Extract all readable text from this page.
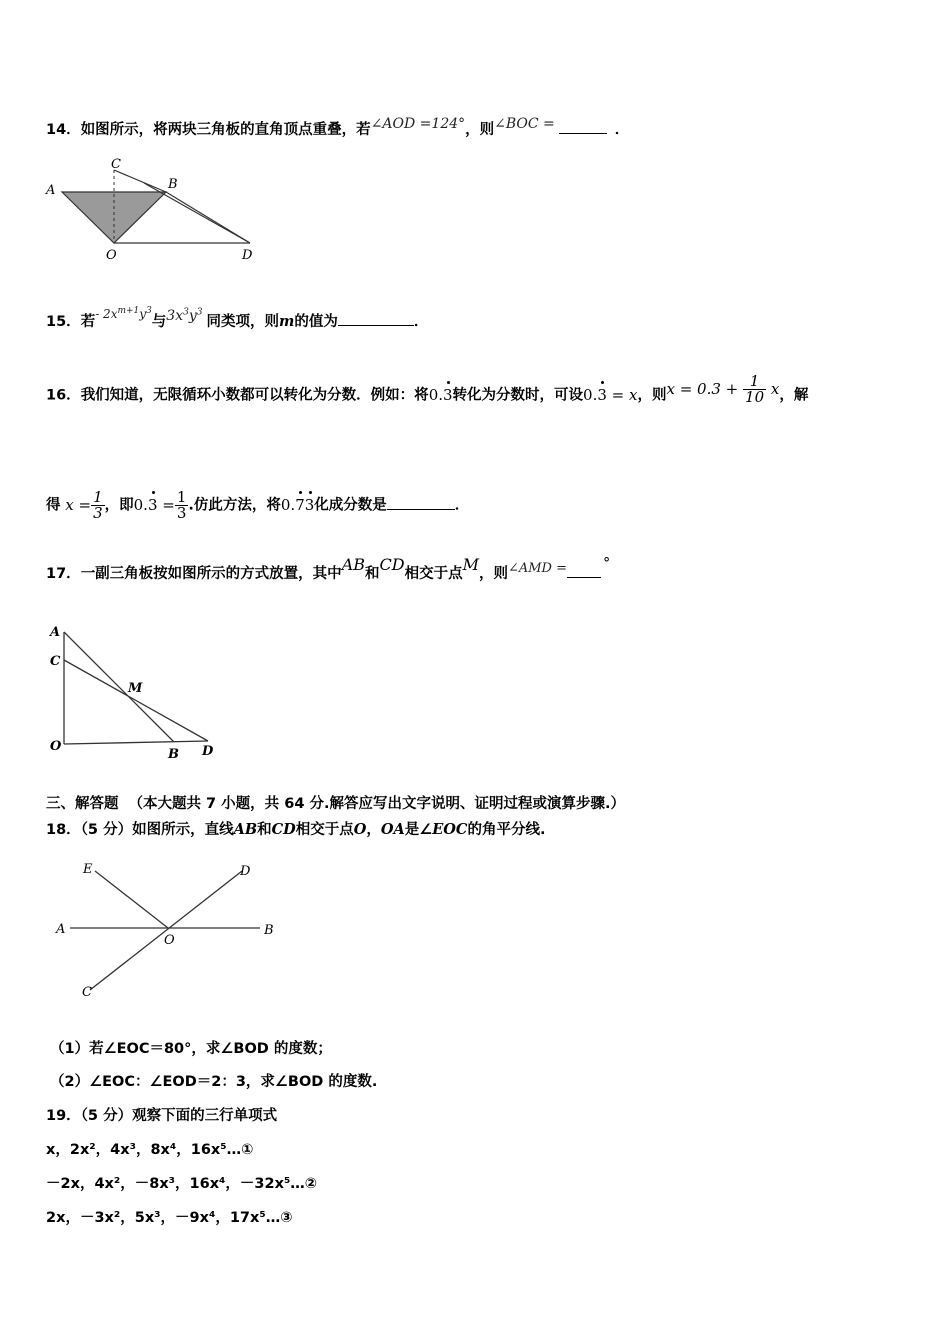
14．如图所示，将两块三角板的直角顶点重叠，若∠AOD =124°，则∠BOC =	．
A
C
B
O	D
15．若$^{- 2x^{m+1}y^3}$与$3x^3y^3$同类项，则m的值为	．
16．我们知道，无限循环小数都可以转化为分数．例如：将0.3转化为分数时，可设0.3 = x，则$x = 0.3 + \frac{1}{10}$ x，解
得 $x = \frac{1}{3}$ ，即$0.3 = \frac{1}{3}$ .仿此方法，将0.73化成分数是	．
17．一副三角板按如图所示的方式放置，其中AB和CD相交于点M，则∠AMD = °
A
C
M
O
B D
三、解答题 （本大题共 7 小题，共 64 分.解答应写出文字说明、证明过程或演算步骤.）
18．（5 分）如图所示，直线AB和CD相交于点O，OA是∠EOC的角平分线.
E	D
A
O
B
C
（1）若∠EOC＝80°，求∠BOD 的度数；
（2）∠EOC：∠EOD＝2：3，求∠BOD 的度数.
19．（5 分）观察下面的三行单项式
x，2x²，4x³，8x⁴，16x⁵…①
－2x，4x²，－8x³，16x⁴，－32x⁵…②
2x，－3x²，5x³，－9x⁴，17x⁵…③
